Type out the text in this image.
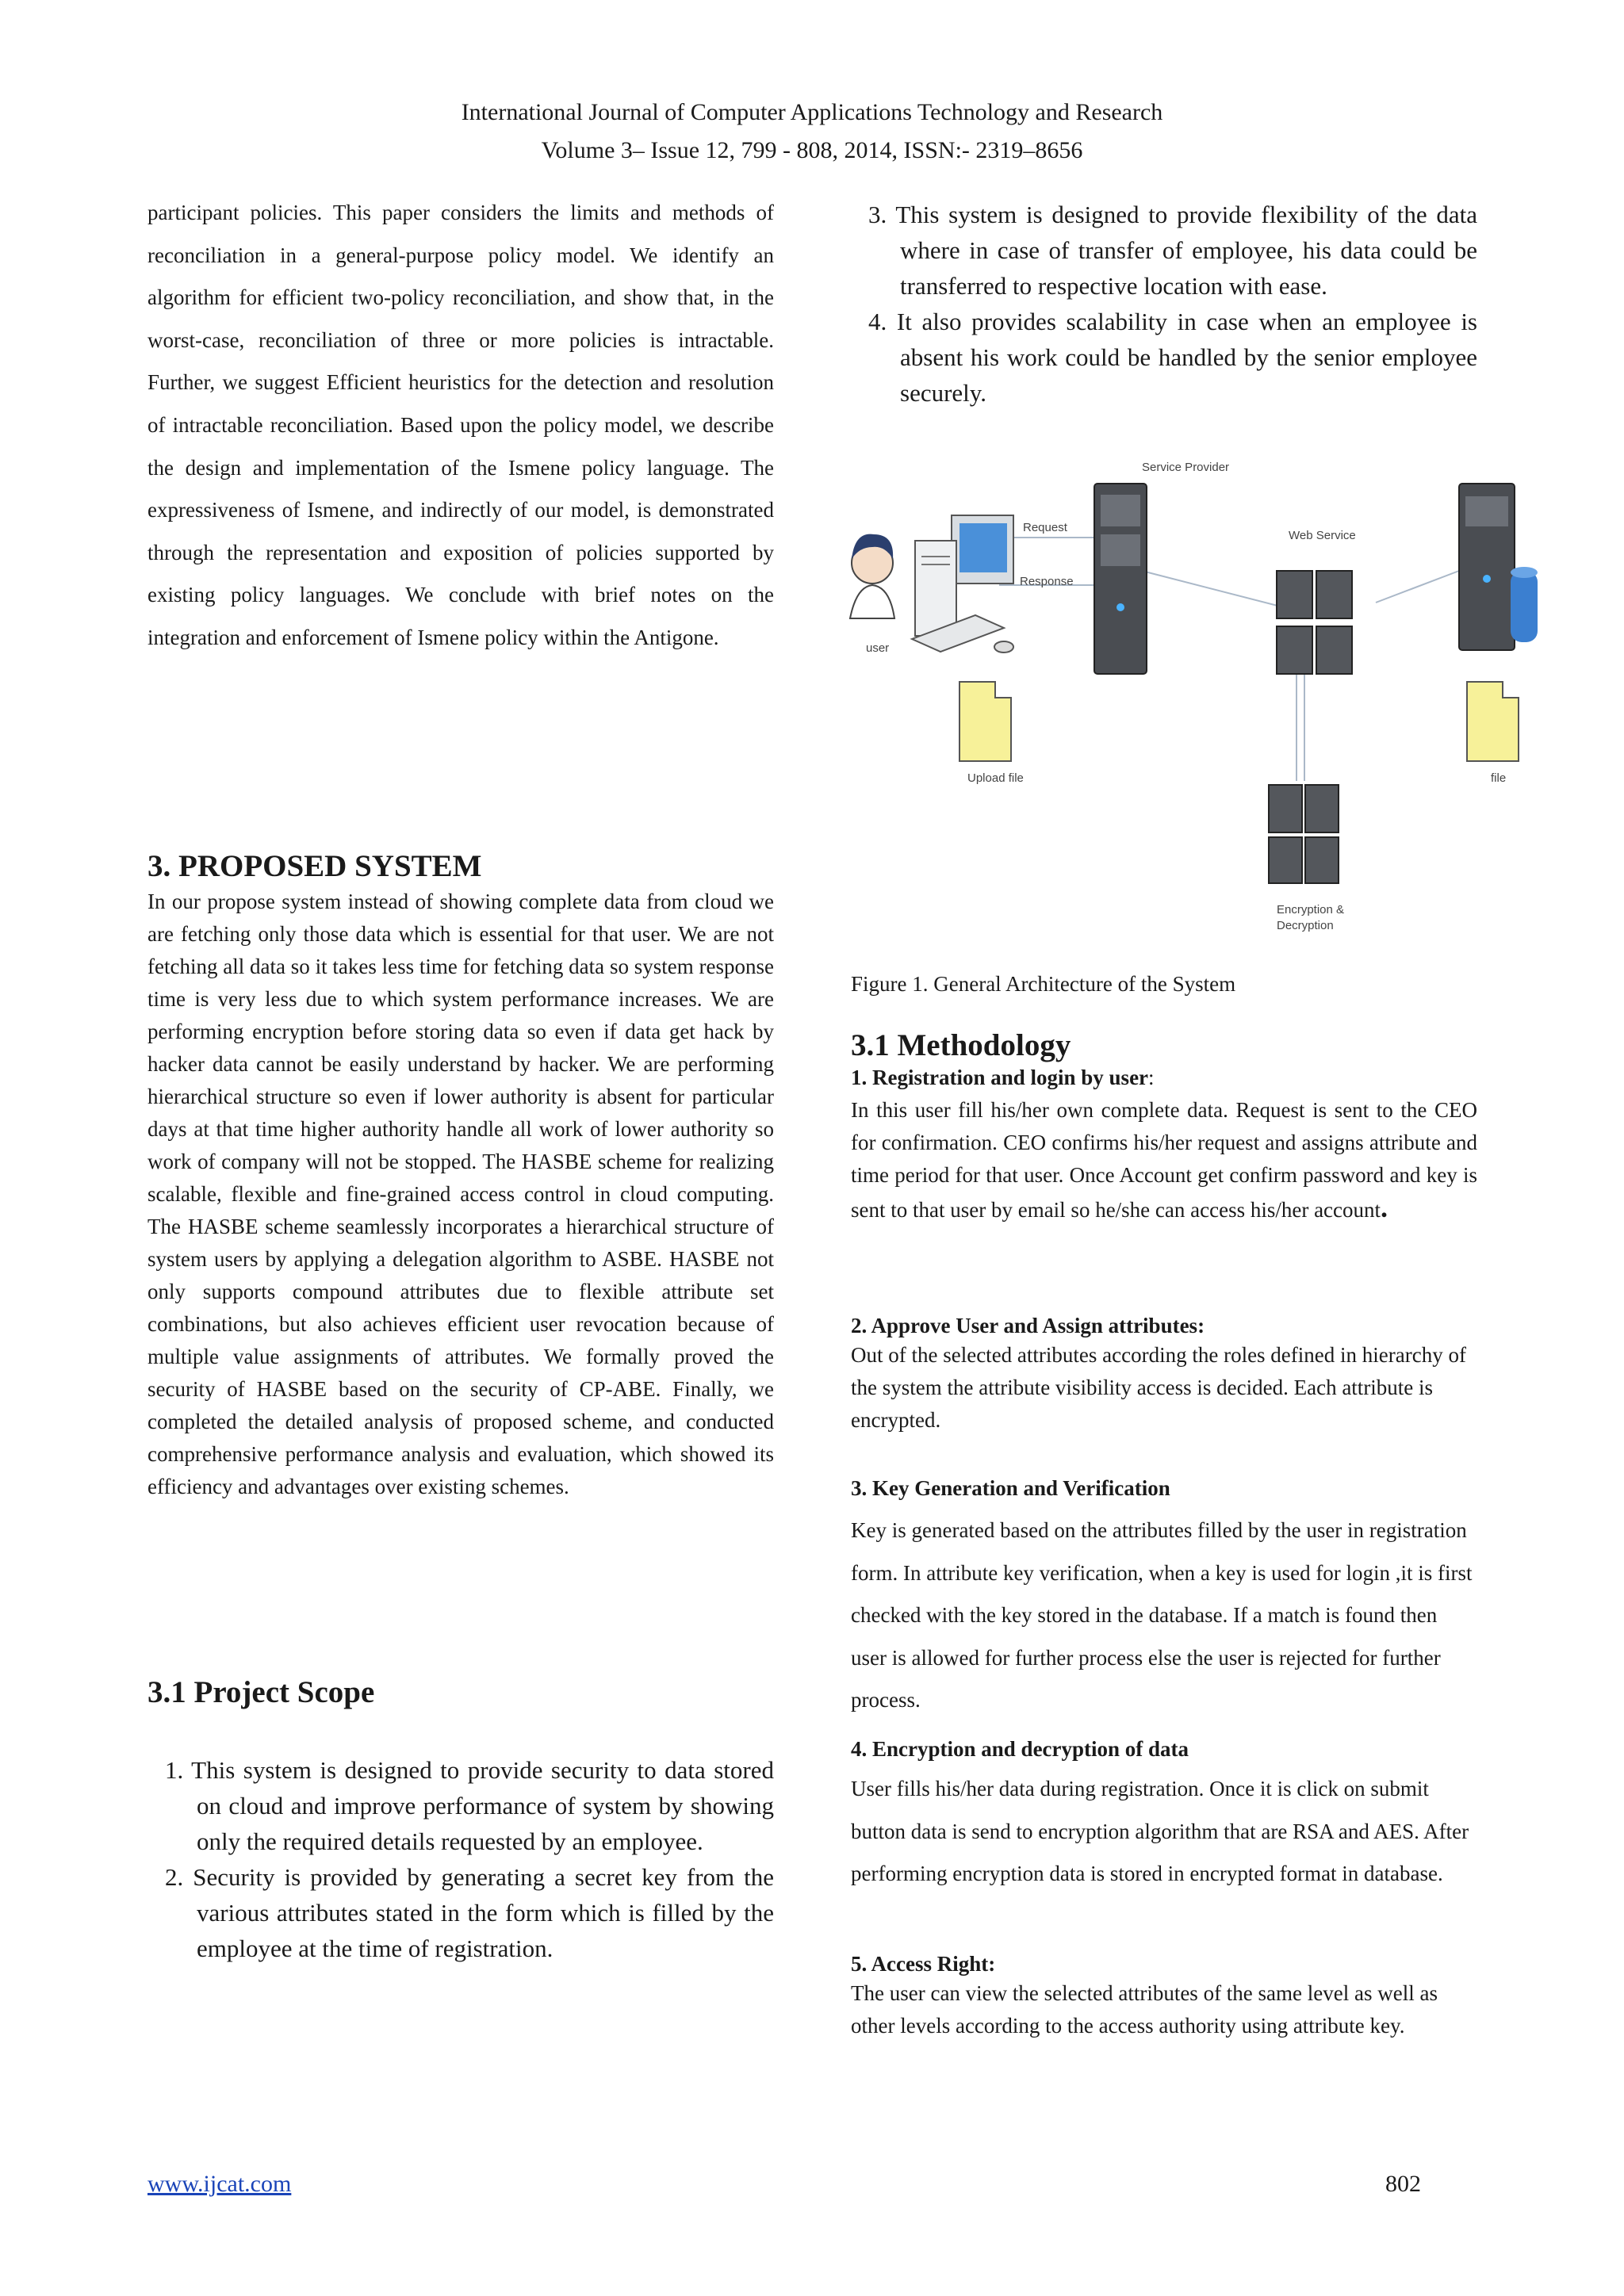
International Journal of Computer Applications Technology and Research
Volume 3– Issue 12, 799 - 808, 2014, ISSN:- 2319–8656

participant policies. This paper considers the limits and methods of reconciliation in a general-purpose policy model. We identify an algorithm for efficient two-policy reconciliation, and show that, in the worst-case, reconciliation of three or more policies is intractable. Further, we suggest Efficient heuristics for the detection and resolution of intractable reconciliation. Based upon the policy model, we describe the design and implementation of the Ismene policy language. The expressiveness of Ismene, and indirectly of our model, is demonstrated through the representation and exposition of policies supported by existing policy languages. We conclude with brief notes on the integration and enforcement of Ismene policy within the Antigone.

3. PROPOSED SYSTEM

In our propose system instead of showing complete data from cloud we are fetching only those data which is essential for that user. We are not fetching all data so it takes less time for fetching data so system response time is very less due to which system performance increases. We are performing encryption before storing data so even if data get hack by hacker data cannot be easily understand by hacker. We are performing hierarchical structure so even if lower authority is absent for particular days at that time higher authority handle all work of lower authority so work of company will not be stopped. The HASBE scheme for realizing scalable, flexible and fine-grained access control in cloud computing. The HASBE scheme seamlessly incorporates a hierarchical structure of system users by applying a delegation algorithm to ASBE. HASBE not only supports compound attributes due to flexible attribute set combinations, but also achieves efficient user revocation because of multiple value assignments of attributes. We formally proved the security of HASBE based on the security of CP-ABE. Finally, we completed the detailed analysis of proposed scheme, and conducted comprehensive performance analysis and evaluation, which showed its efficiency and advantages over existing schemes.

3.1 Project Scope
1. This system is designed to provide security to data stored on cloud and improve performance of system by showing only the required details requested by an employee.
2. Security is provided by generating a secret key from the various attributes stated in the form which is filled by the employee at the time of registration.
3. This system is designed to provide flexibility of the data where in case of transfer of employee, his data could be transferred to respective location with ease.
4. It also provides scalability in case when an employee is absent his work could be handled by the senior employee securely.
user
Service Provider
Request
Response
Web Service
Upload file	file
Encryption &
Decryption
Figure 1. General Architecture of the System
3.1 Methodology

1. Registration and login by user:

In this user fill his/her own complete data. Request is sent to the CEO for confirmation. CEO confirms his/her request and assigns attribute and time period for that user. Once Account get confirm password and key is sent to that user by email so he/she can access his/her account.

2. Approve User and Assign attributes:

Out of the selected attributes according the roles defined in hierarchy of the system the attribute visibility access is decided. Each attribute is encrypted.

3. Key Generation and Verification

Key is generated based on the attributes filled by the user in registration form. In attribute key verification, when a key is used for login ,it is first checked with the key stored in the database. If a match is found then user is allowed for further process else the user is rejected for further process.

4. Encryption and decryption of data

User fills his/her data during registration. Once it is click on submit button data is send to encryption algorithm that are RSA and AES. After performing encryption data is stored in encrypted format in database.

5. Access Right:

The user can view the selected attributes of the same level as well as other levels according to the access authority using attribute key.

www.ijcat.com	802
